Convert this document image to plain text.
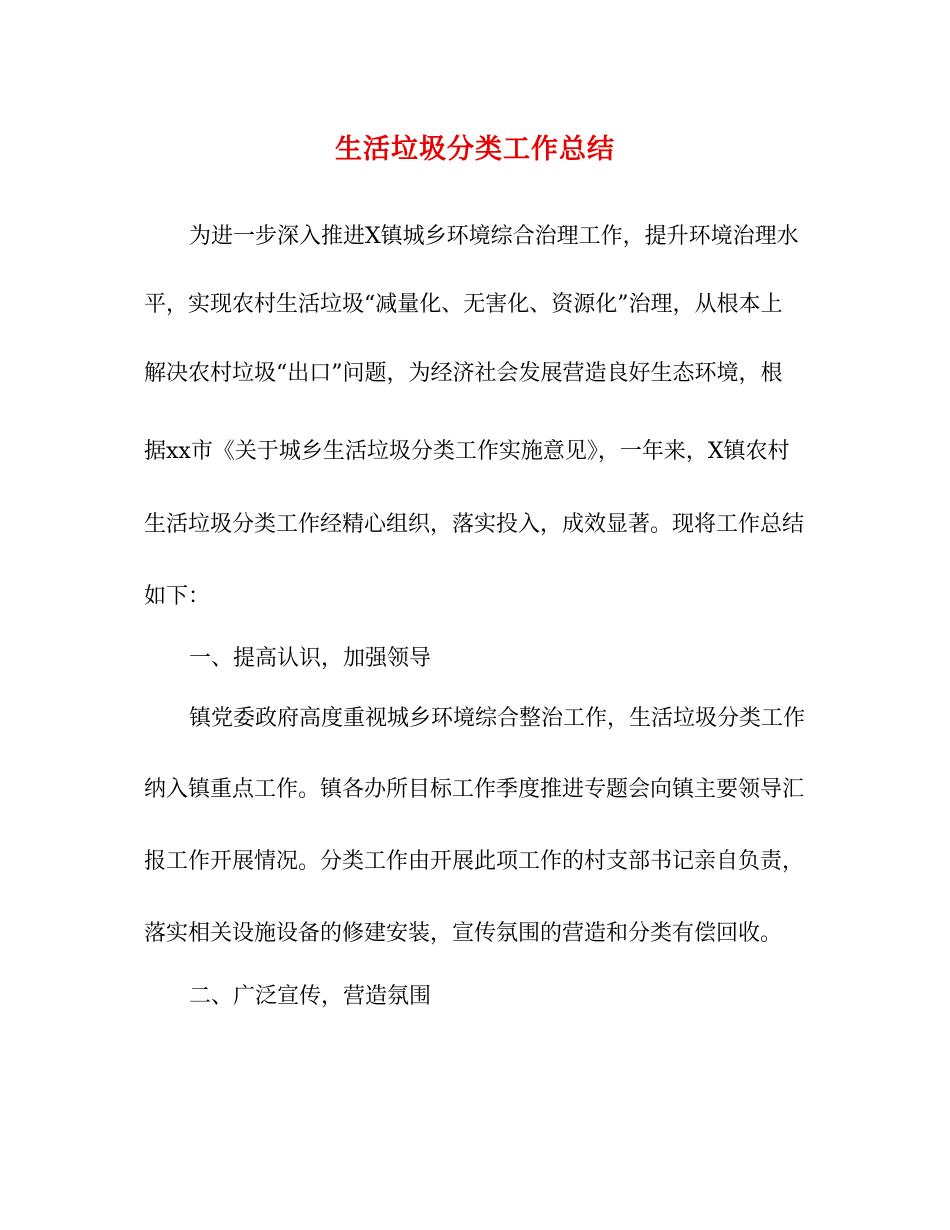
生活垃圾分类工作总结

为进一步深入推进X镇城乡环境综合治理工作，提升环境治理水

平，实现农村生活垃圾“减量化、无害化、资源化”治理，从根本上

解决农村垃圾“出口”问题，为经济社会发展营造良好生态环境，根

据xx市《关于城乡生活垃圾分类工作实施意见》，一年来，X镇农村

生活垃圾分类工作经精心组织，落实投入，成效显著。现将工作总结

如下：

一、提高认识，加强领导

镇党委政府高度重视城乡环境综合整治工作，生活垃圾分类工作

纳入镇重点工作。镇各办所目标工作季度推进专题会向镇主要领导汇

报工作开展情况。分类工作由开展此项工作的村支部书记亲自负责，

落实相关设施设备的修建安装，宣传氛围的营造和分类有偿回收。

二、广泛宣传，营造氛围
